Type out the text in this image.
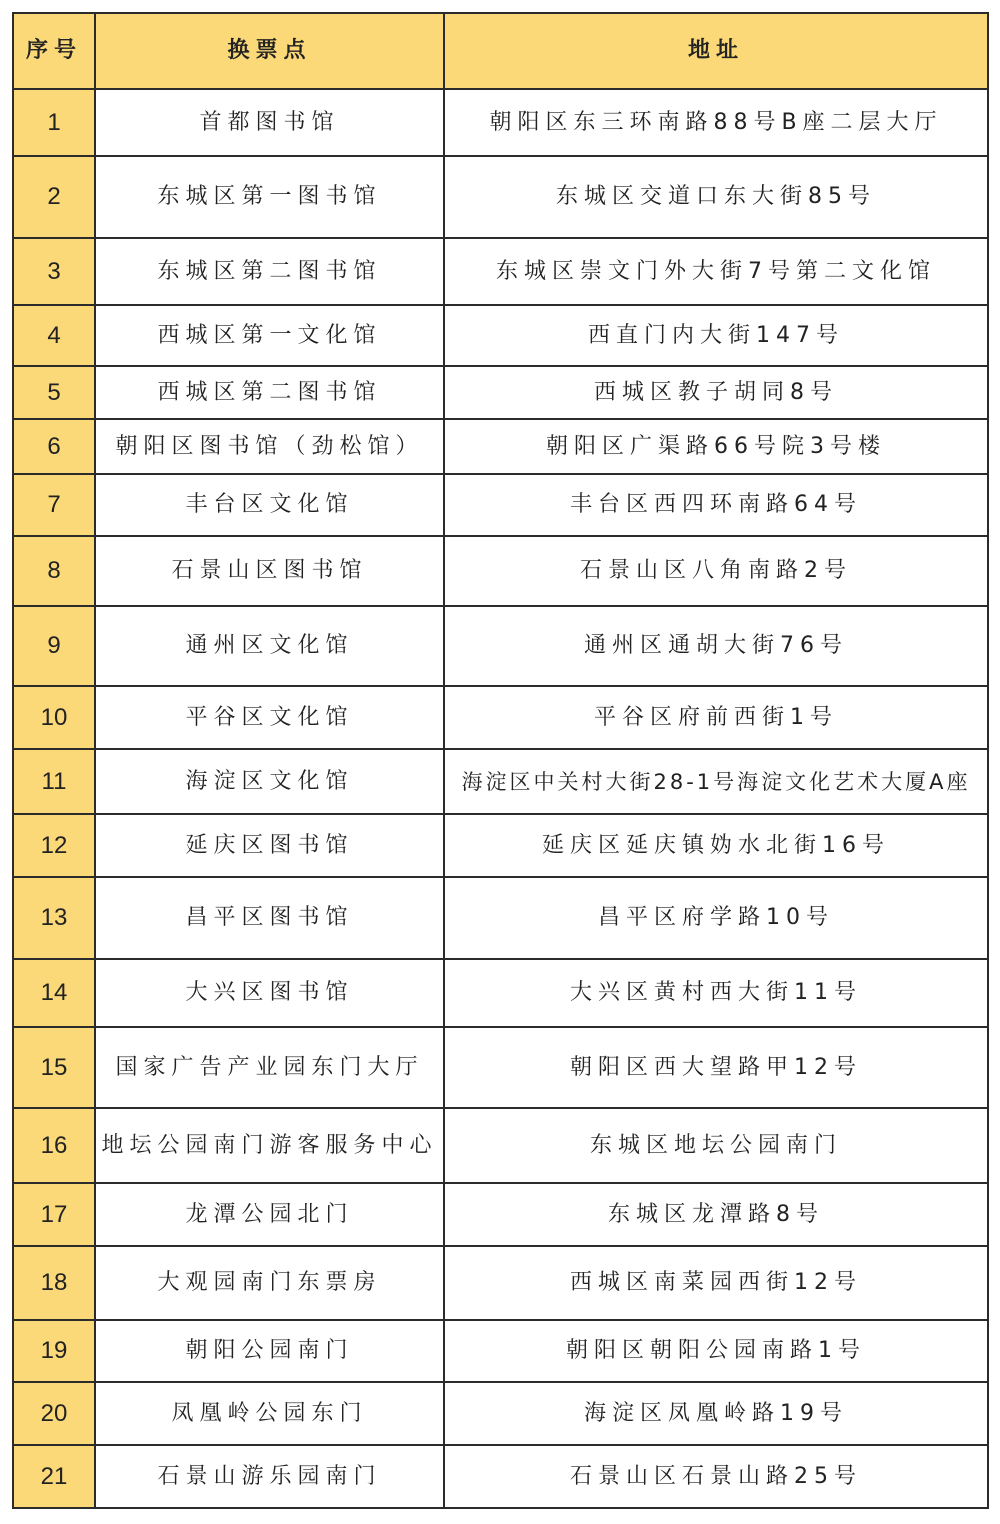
序号	换票点	地址
1	首都图书馆	朝阳区东三环南路88号B座二层大厅
2	东城区第一图书馆	东城区交道口东大街85号
3	东城区第二图书馆	东城区崇文门外大街7号第二文化馆
4	西城区第一文化馆	西直门内大街147号
5	西城区第二图书馆	西城区教子胡同8号
6	朝阳区图书馆（劲松馆）	朝阳区广渠路66号院3号楼
7	丰台区文化馆	丰台区西四环南路64号
8	石景山区图书馆	石景山区八角南路2号
9	通州区文化馆	通州区通胡大街76号
10	平谷区文化馆	平谷区府前西街1号
11	海淀区文化馆	海淀区中关村大街28-1号海淀文化艺术大厦A座
12	延庆区图书馆	延庆区延庆镇妫水北街16号
13	昌平区图书馆	昌平区府学路10号
14	大兴区图书馆	大兴区黄村西大街11号
15	国家广告产业园东门大厅	朝阳区西大望路甲12号
16	地坛公园南门游客服务中心	东城区地坛公园南门
17	龙潭公园北门	东城区龙潭路8号
18	大观园南门东票房	西城区南菜园西街12号
19	朝阳公园南门	朝阳区朝阳公园南路1号
20	凤凰岭公园东门	海淀区凤凰岭路19号
21	石景山游乐园南门	石景山区石景山路25号
